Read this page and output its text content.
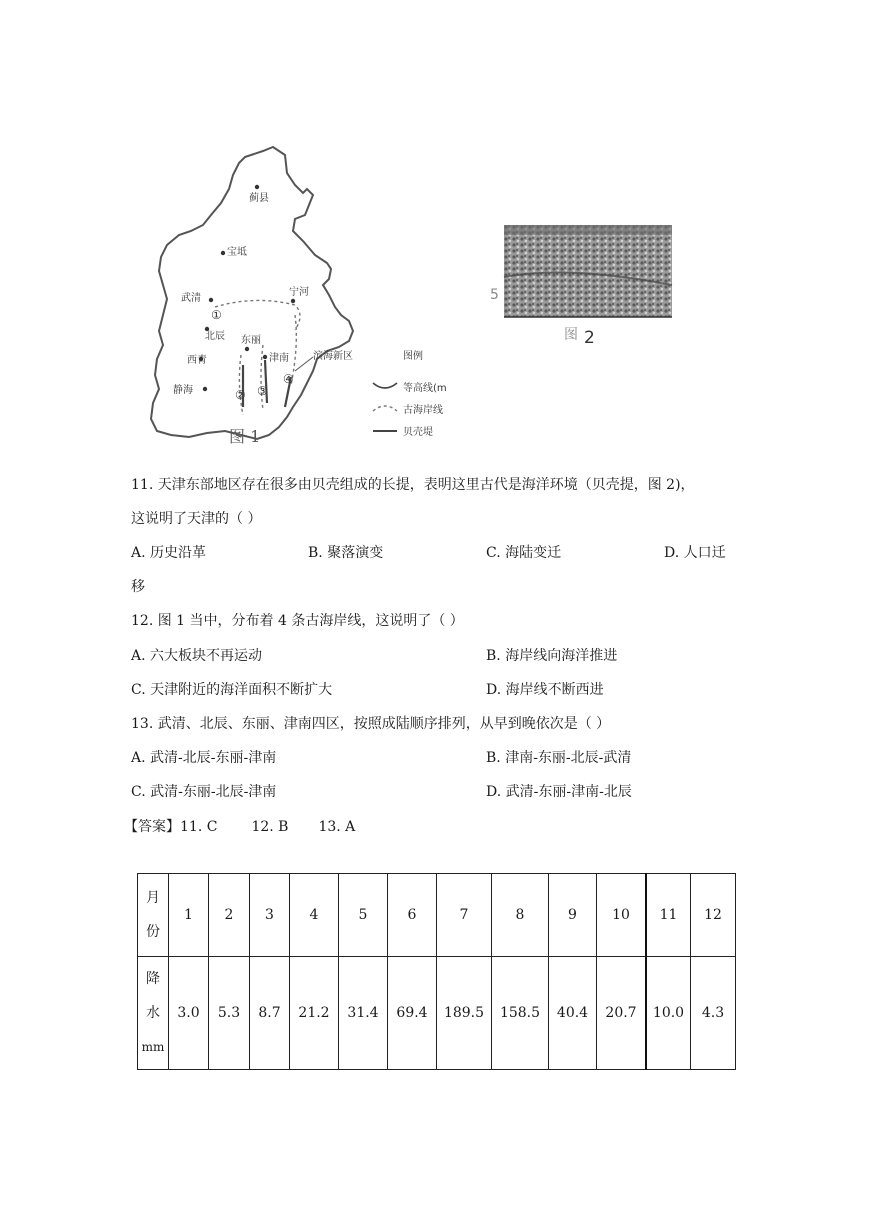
蓟县
宝坻
武清
宁河
北辰 东丽
津南 滨海新区
西青
静海
①
② ③
④
图例
等高线(m
古海岸线
贝壳堤
图 1
5
图 2
11. 天津东部地区存在很多由贝壳组成的长提，表明这里古代是海洋环境（贝壳提，图 2)，
这说明了天津的（ ）
A. 历史沿革	B. 聚落演变	C. 海陆变迁	D. 人口迁
移
12. 图 1 当中，分布着 4 条古海岸线，这说明了（ ）
A. 六大板块不再运动	B. 海岸线向海洋推进
C. 天津附近的海洋面积不断扩大	D. 海岸线不断西进
13. 武清、北辰、东丽、津南四区，按照成陆顺序排列，从早到晚依次是（ ）
A. 武清-北辰-东丽-津南	B. 津南-东丽-北辰-武清
C. 武清-东丽-北辰-津南	D. 武清-东丽-津南-北辰
【答案】11. C 12. B 13. A
月
份	1	2	3	4	5	6	7	8	9	10	11	12

降
水
mm	3.0	5.3	8.7	21.2	31.4	69.4	189.5	158.5	40.4	20.7	10.0	4.3
